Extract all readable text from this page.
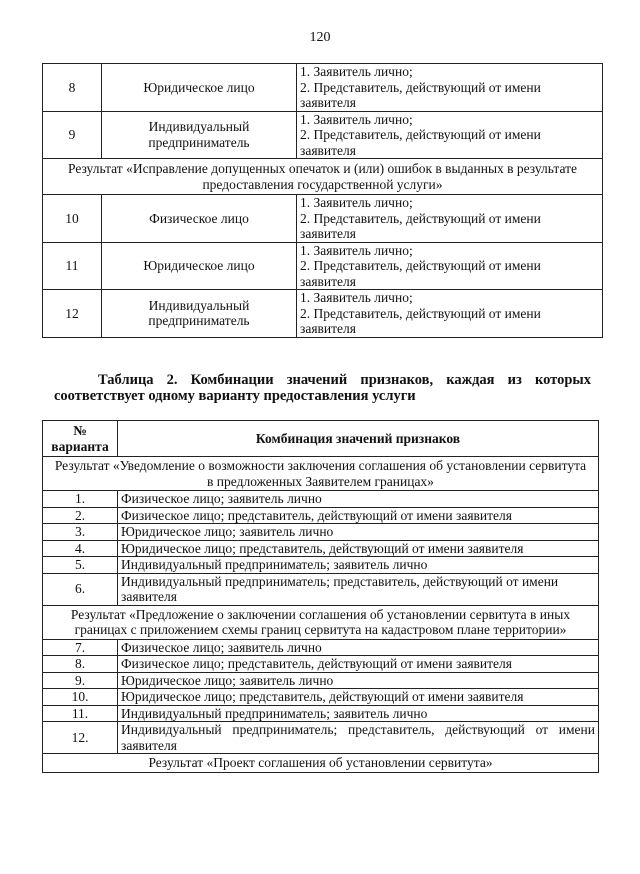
120
8	Юридическое лицо	1. Заявитель лично;
2. Представитель, действующий от имени заявителя

9	Индивидуальный предприниматель	1. Заявитель лично;
2. Представитель, действующий от имени заявителя

Результат «Исправление допущенных опечаток и (или) ошибок в выданных в результате предоставления государственной услуги»		
10	Физическое лицо	1. Заявитель лично;
2. Представитель, действующий от имени заявителя

11	Юридическое лицо	1. Заявитель лично;
2. Представитель, действующий от имени заявителя

12	Индивидуальный предприниматель	1. Заявитель лично;
2. Представитель, действующий от имени заявителя
Таблица 2. Комбинации значений признаков, каждая из которых
соответствует одному варианту предоставления услуги
№ варианта	Комбинация значений признаков
Результат «Уведомление о возможности заключения соглашения об установлении сервитута в предложенных Заявителем границах»	
1.	Физическое лицо; заявитель лично
2.	Физическое лицо; представитель, действующий от имени заявителя
3.	Юридическое лицо; заявитель лично
4.	Юридическое лицо; представитель, действующий от имени заявителя
5.	Индивидуальный предприниматель; заявитель лично
6.	Индивидуальный предприниматель; представитель, действующий от имени заявителя
Результат «Предложение о заключении соглашения об установлении сервитута в иных границах с приложением схемы границ сервитута на кадастровом плане территории»	
7.	Физическое лицо; заявитель лично
8.	Физическое лицо; представитель, действующий от имени заявителя
9.	Юридическое лицо; заявитель лично
10.	Юридическое лицо; представитель, действующий от имени заявителя
11.	Индивидуальный предприниматель; заявитель лично
12.	Индивидуальный предприниматель; представитель, действующий от имени заявителя
Результат «Проект соглашения об установлении сервитута»	
